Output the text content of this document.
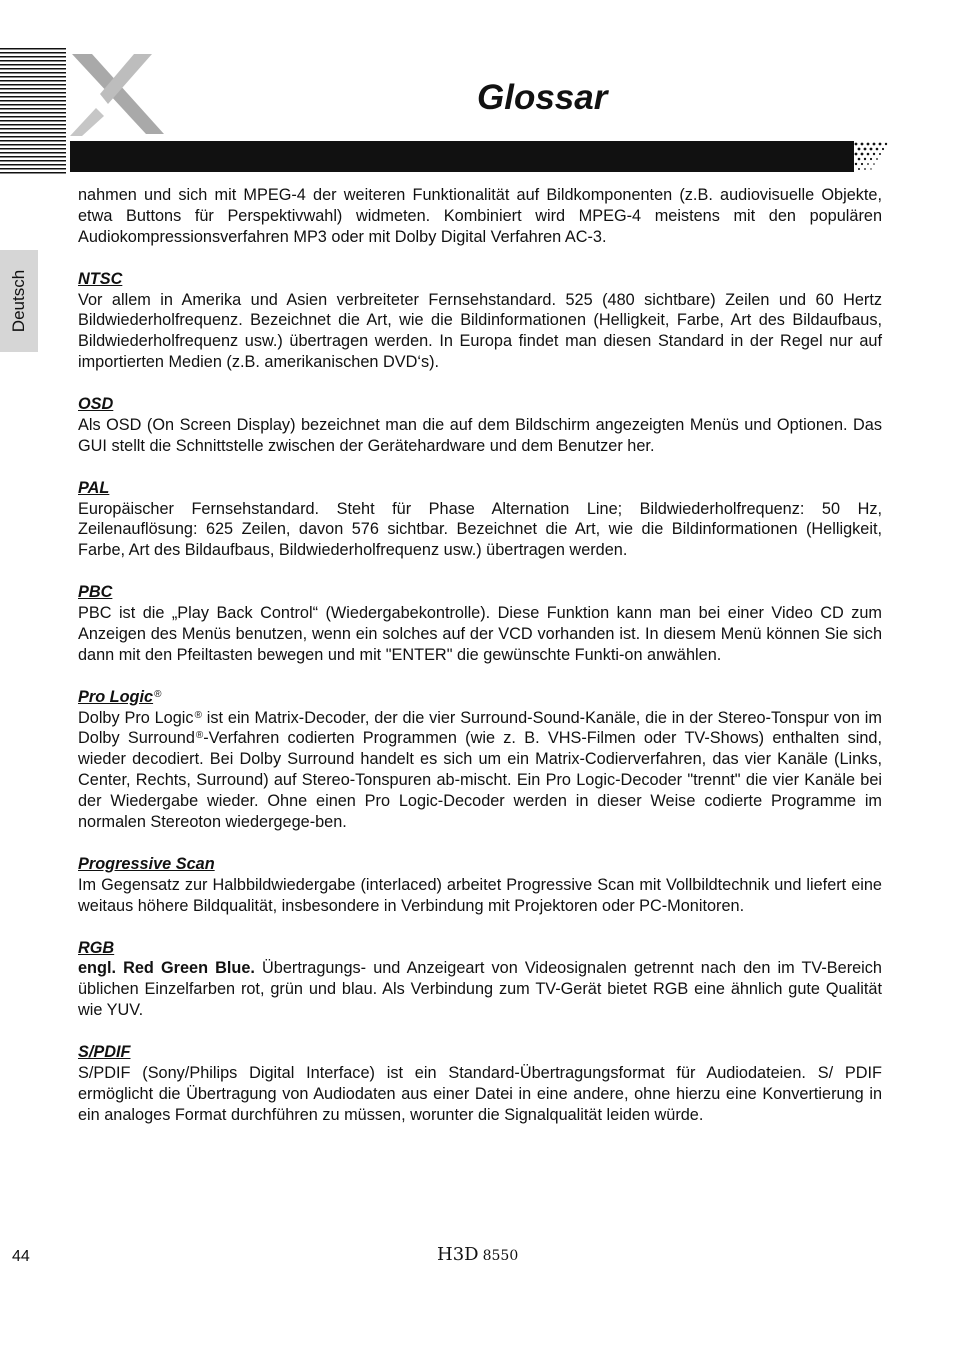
Glossar
Deutsch

nahmen und sich mit MPEG-4 der weiteren Funktionalität auf Bildkomponenten (z.B. audiovisuelle Objekte, etwa Buttons für Perspektivwahl) widmeten. Kombiniert wird MPEG-4 meistens mit den populären Audiokompressionsverfahren MP3 oder mit Dolby Digital Verfahren AC-3.

NTSC

Vor allem in Amerika und Asien verbreiteter Fernsehstandard. 525 (480 sichtbare) Zeilen und 60 Hertz Bildwiederholfrequenz. Bezeichnet die Art, wie die Bildinformationen (Helligkeit, Farbe, Art des Bildaufbaus, Bildwiederholfrequenz usw.) übertragen werden. In Europa findet man diesen Standard in der Regel nur auf importierten Medien (z.B. amerikanischen DVD‘s).

OSD

Als OSD (On Screen Display) bezeichnet man die auf dem Bildschirm angezeigten Menüs und Optionen. Das GUI stellt die Schnittstelle zwischen der Gerätehardware und dem Benutzer her.

PAL

Europäischer Fernsehstandard. Steht für Phase Alternation Line; Bildwiederholfrequenz: 50 Hz, Zeilenauflösung: 625 Zeilen, davon 576 sichtbar. Bezeichnet die Art, wie die Bildinformationen (Helligkeit, Farbe, Art des Bildaufbaus, Bildwiederholfrequenz usw.) übertragen werden.

PBC

PBC ist die „Play Back Control“ (Wiedergabekontrolle). Diese Funktion kann man bei einer Video CD zum Anzeigen des Menüs benutzen, wenn ein solches auf der VCD vorhanden ist. In diesem Menü können Sie sich dann mit den Pfeiltasten bewegen und mit "ENTER" die gewünschte Funkti-on anwählen.

Pro Logic®

Dolby Pro Logic® ist ein Matrix-Decoder, der die vier Surround-Sound-Kanäle, die in der Stereo-Tonspur von im Dolby Surround®-Verfahren codierten Programmen (wie z. B. VHS-Filmen oder TV-Shows) enthalten sind, wieder decodiert. Bei Dolby Surround handelt es sich um ein Matrix-Codierverfahren, das vier Kanäle (Links, Center, Rechts, Surround) auf Stereo-Tonspuren ab-mischt. Ein Pro Logic-Decoder "trennt" die vier Kanäle bei der Wiedergabe wieder. Ohne einen Pro Logic-Decoder werden in dieser Weise codierte Programme im normalen Stereoton wiedergege-ben.

Progressive Scan

Im Gegensatz zur Halbbildwiedergabe (interlaced) arbeitet Progressive Scan mit Vollbildtechnik und liefert eine weitaus höhere Bildqualität, insbesondere in Verbindung mit Projektoren oder PC-Monitoren.

RGB

engl. Red Green Blue. Übertragungs- und Anzeigeart von Videosignalen getrennt nach den im TV-Bereich üblichen Einzelfarben rot, grün und blau. Als Verbindung zum TV-Gerät bietet RGB eine ähnlich gute Qualität wie YUV.

S/PDIF

S/PDIF (Sony/Philips Digital Interface) ist ein Standard-Übertragungsformat für Audiodateien. S/ PDIF ermöglicht die Übertragung von Audiodaten aus einer Datei in eine andere, ohne hierzu eine Konvertierung in ein analoges Format durchführen zu müssen, worunter die Signalqualität leiden würde.

44	H3D 8550
